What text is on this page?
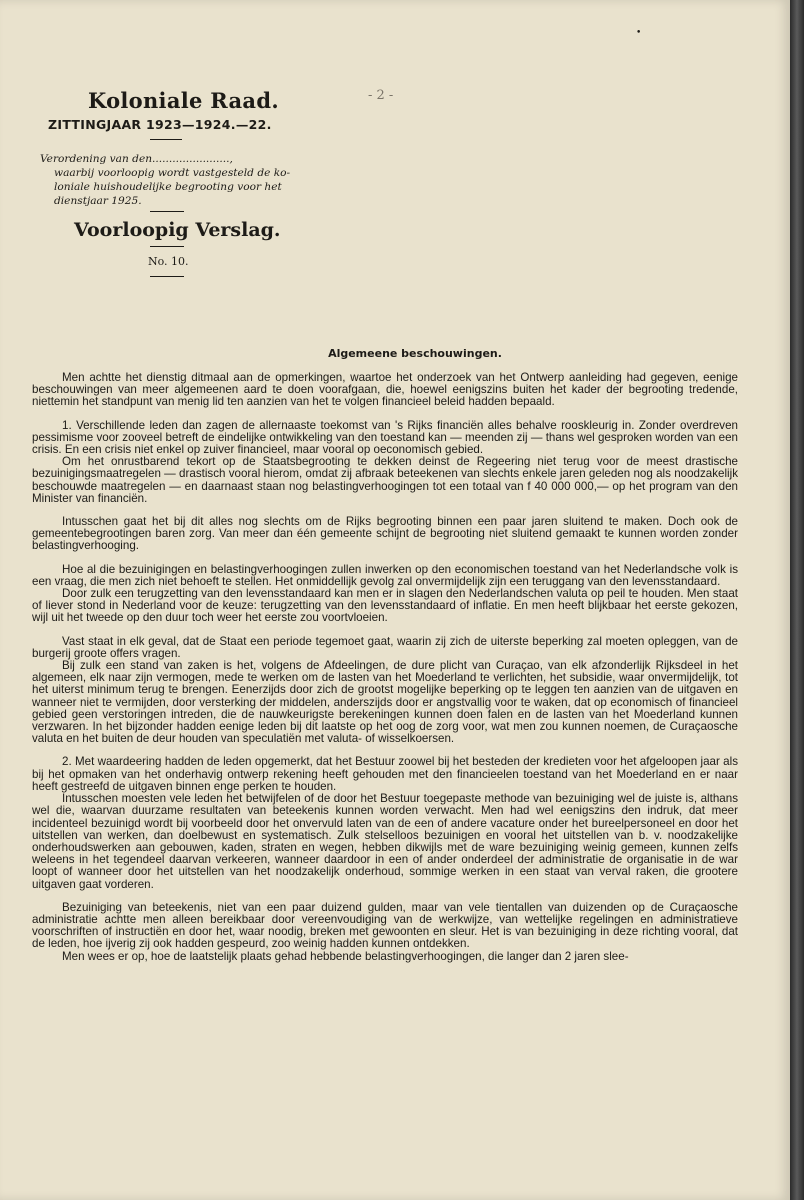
•
- 2 -
Koloniale Raad.
ZITTINGJAAR 1923—1924.—22.

Verordening van den.......................,

waarbij voorloopig wordt vastgesteld de ko-

loniale huishoudelijke begrooting voor het

dienstjaar 1925.

Voorloopig Verslag.
No. 10.
Algemeene beschouwingen.

Men achtte het dienstig ditmaal aan de opmerkingen, waartoe het onderzoek van het Ontwerp aanleiding had gegeven, eenige beschouwingen van meer algemeenen aard te doen voorafgaan, die, hoewel eenigszins buiten het kader der begrooting tredende, niettemin het standpunt van menig lid ten aanzien van het te volgen financieel beleid hadden bepaald.

1. Verschillende leden dan zagen de allernaaste toekomst van 's Rijks financiën alles behalve rooskleurig in. Zonder overdreven pessimisme voor zooveel betreft de eindelijke ontwikkeling van den toestand kan — meenden zij — thans wel gesproken worden van een crisis. En een crisis niet enkel op zuiver financieel, maar vooral op oeconomisch gebied.

Om het onrustbarend tekort op de Staatsbegrooting te dekken deinst de Regeering niet terug voor de meest drastische bezuinigingsmaatregelen — drastisch vooral hierom, omdat zij afbraak beteekenen van slechts enkele jaren geleden nog als noodzakelijk beschouwde maatregelen — en daarnaast staan nog belastingverhoogingen tot een totaal van f 40 000 000,— op het program van den Minister van financiën.

Intusschen gaat het bij dit alles nog slechts om de Rijks begrooting binnen een paar jaren sluitend te maken. Doch ook de gemeentebegrootingen baren zorg. Van meer dan één gemeente schijnt de begrooting niet sluitend gemaakt te kunnen worden zonder belastingverhooging.

Hoe al die bezuinigingen en belastingverhoogingen zullen inwerken op den economischen toestand van het Nederlandsche volk is een vraag, die men zich niet behoeft te stellen. Het onmiddellijk gevolg zal onvermijdelijk zijn een teruggang van den levensstandaard.

Door zulk een terugzetting van den levensstandaard kan men er in slagen den Nederlandschen valuta op peil te houden. Men staat of liever stond in Nederland voor de keuze: terugzetting van den levensstandaard of inflatie. En men heeft blijkbaar het eerste gekozen, wijl uit het tweede op den duur toch weer het eerste zou voortvloeien.

Vast staat in elk geval, dat de Staat een periode tegemoet gaat, waarin zij zich de uiterste beperking zal moeten opleggen, van de burgerij groote offers vragen.

Bij zulk een stand van zaken is het, volgens de Afdeelingen, de dure plicht van Curaçao, van elk afzonderlijk Rijksdeel in het algemeen, elk naar zijn vermogen, mede te werken om de lasten van het Moederland te verlichten, het subsidie, waar onvermijdelijk, tot het uiterst minimum terug te brengen. Eenerzijds door zich de grootst mogelijke beperking op te leggen ten aanzien van de uitgaven en wanneer niet te vermijden, door versterking der middelen, anderszijds door er angstvallig voor te waken, dat op economisch of financieel gebied geen verstoringen intreden, die de nauwkeurigste berekeningen kunnen doen falen en de lasten van het Moederland kunnen verzwaren. In het bijzonder hadden eenige leden bij dit laatste op het oog de zorg voor, wat men zou kunnen noemen, de Curaçaosche valuta en het buiten de deur houden van speculatiën met valuta- of wisselkoersen.

2. Met waardeering hadden de leden opgemerkt, dat het Bestuur zoowel bij het besteden der kredieten voor het afgeloopen jaar als bij het opmaken van het onderhavig ontwerp rekening heeft gehouden met den financieelen toestand van het Moederland en er naar heeft gestreefd de uitgaven binnen enge perken te houden.

Intusschen moesten vele leden het betwijfelen of de door het Bestuur toegepaste methode van bezuiniging wel de juiste is, althans wel die, waarvan duurzame resultaten van beteekenis kunnen worden verwacht. Men had wel eenigszins den indruk, dat meer incidenteel bezuinigd wordt bij voorbeeld door het onvervuld laten van de een of andere vacature onder het bureelpersoneel en door het uitstellen van werken, dan doelbewust en systematisch. Zulk stelselloos bezuinigen en vooral het uitstellen van b. v. noodzakelijke onderhoudswerken aan gebouwen, kaden, straten en wegen, hebben dikwijls met de ware bezuiniging weinig gemeen, kunnen zelfs weleens in het tegendeel daarvan verkeeren, wanneer daardoor in een of ander onderdeel der administratie de organisatie in de war loopt of wanneer door het uitstellen van het noodzakelijk onderhoud, sommige werken in een staat van verval raken, die grootere uitgaven gaat vorderen.

Bezuiniging van beteekenis, niet van een paar duizend gulden, maar van vele tientallen van duizenden op de Curaçaosche administratie achtte men alleen bereikbaar door vereenvoudiging van de werkwijze, van wettelijke regelingen en administratieve voorschriften of instructiën en door het, waar noodig, breken met gewoonten en sleur. Het is van bezuiniging in deze richting vooral, dat de leden, hoe ijverig zij ook hadden gespeurd, zoo weinig hadden kunnen ontdekken.

Men wees er op, hoe de laatstelijk plaats gehad hebbende belastingverhoogingen, die langer dan 2 jaren slee-
